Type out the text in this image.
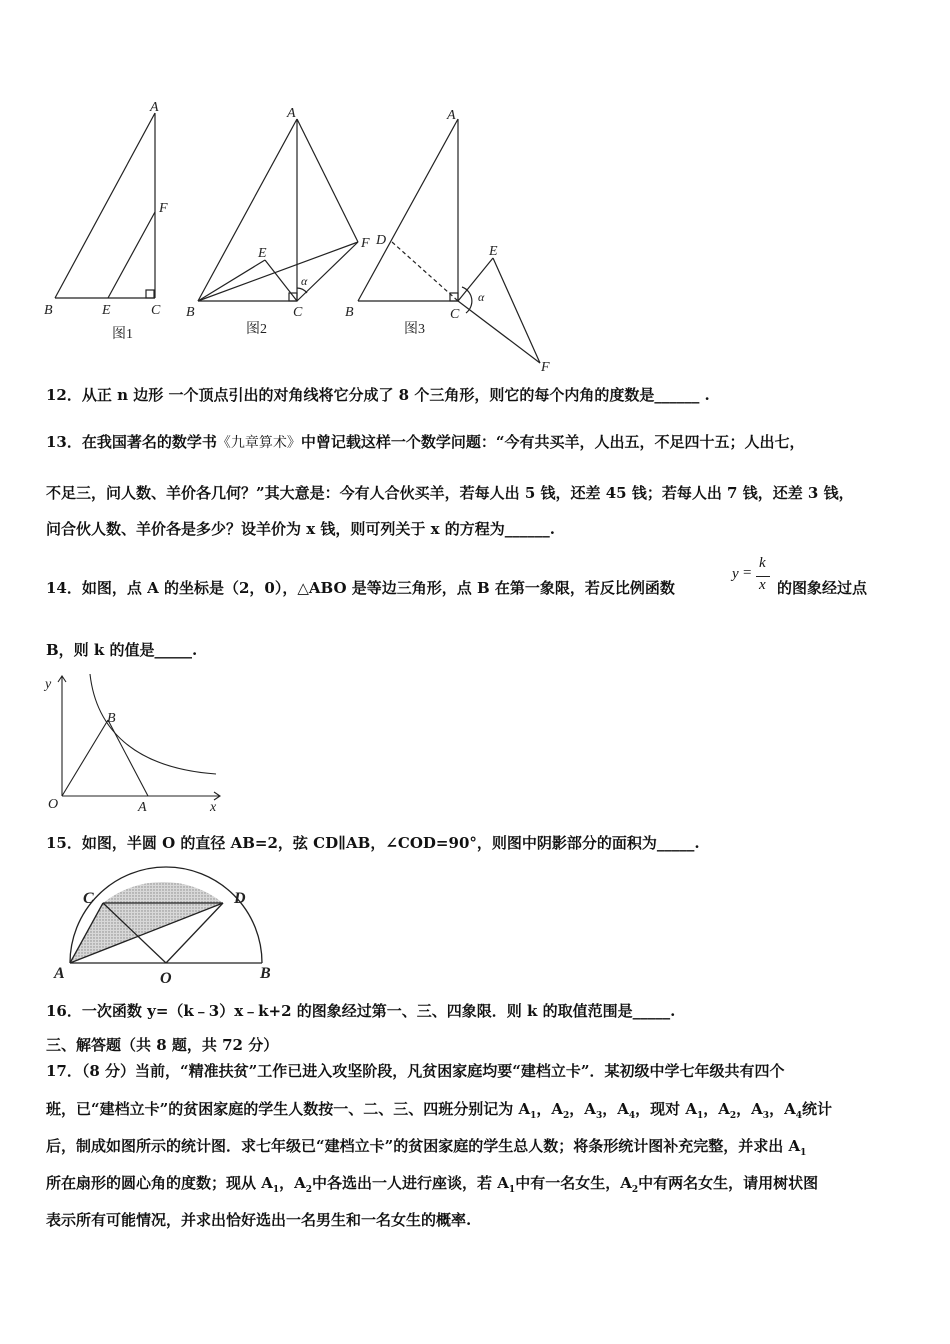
A
B	C
E
F
A
B	C
E
F
α
A
B	C
D
E
F
α
图1	图2	图3
12．从正 n 边形 一个顶点引出的对角线将它分成了 8 个三角形，则它的每个内角的度数是______ .
13．在我国著名的数学书《九章算术》中曾记载这样一个数学问题：“今有共买羊，人出五，不足四十五；人出七，
不足三，问人数、羊价各几何？”其大意是：今有人合伙买羊，若每人出 5 钱，还差 45 钱；若每人出 7 钱，还差 3 钱，
问合伙人数、羊价各是多少？设羊价为 x 钱，则可列关于 x 的方程为______.
14．如图，点 A 的坐标是（2，0），△ABO 是等边三角形，点 B 在第一象限，若反比例函数
y =
k
x 的图象经过点
B，则 k 的值是_____.
y
x
O	A
B
15．如图，半圆 O 的直径 AB=2，弦 CD∥AB，∠COD=90°，则图中阴影部分的面积为_____.
C	D
A	B
O
16．一次函数 y=（k﹣3）x﹣k+2 的图象经过第一、三、四象限．则 k 的取值范围是_____.
三、解答题（共 8 题，共 72 分）
17．（8 分）当前，“精准扶贫”工作已进入攻坚阶段，凡贫困家庭均要“建档立卡”．某初级中学七年级共有四个
班，已“建档立卡”的贫困家庭的学生人数按一、二、三、四班分别记为 $A_1$，$A_2$，$A_3$，$A_4$，现对 $A_1$，$A_2$，$A_3$，$A_4$统计
后，制成如图所示的统计图．求七年级已“建档立卡”的贫困家庭的学生总人数；将条形统计图补充完整，并求出 $A_1$
所在扇形的圆心角的度数；现从 $A_1$，$A_2$中各选出一人进行座谈，若 $A_1$中有一名女生，$A_2$中有两名女生，请用树状图
表示所有可能情况，并求出恰好选出一名男生和一名女生的概率.
